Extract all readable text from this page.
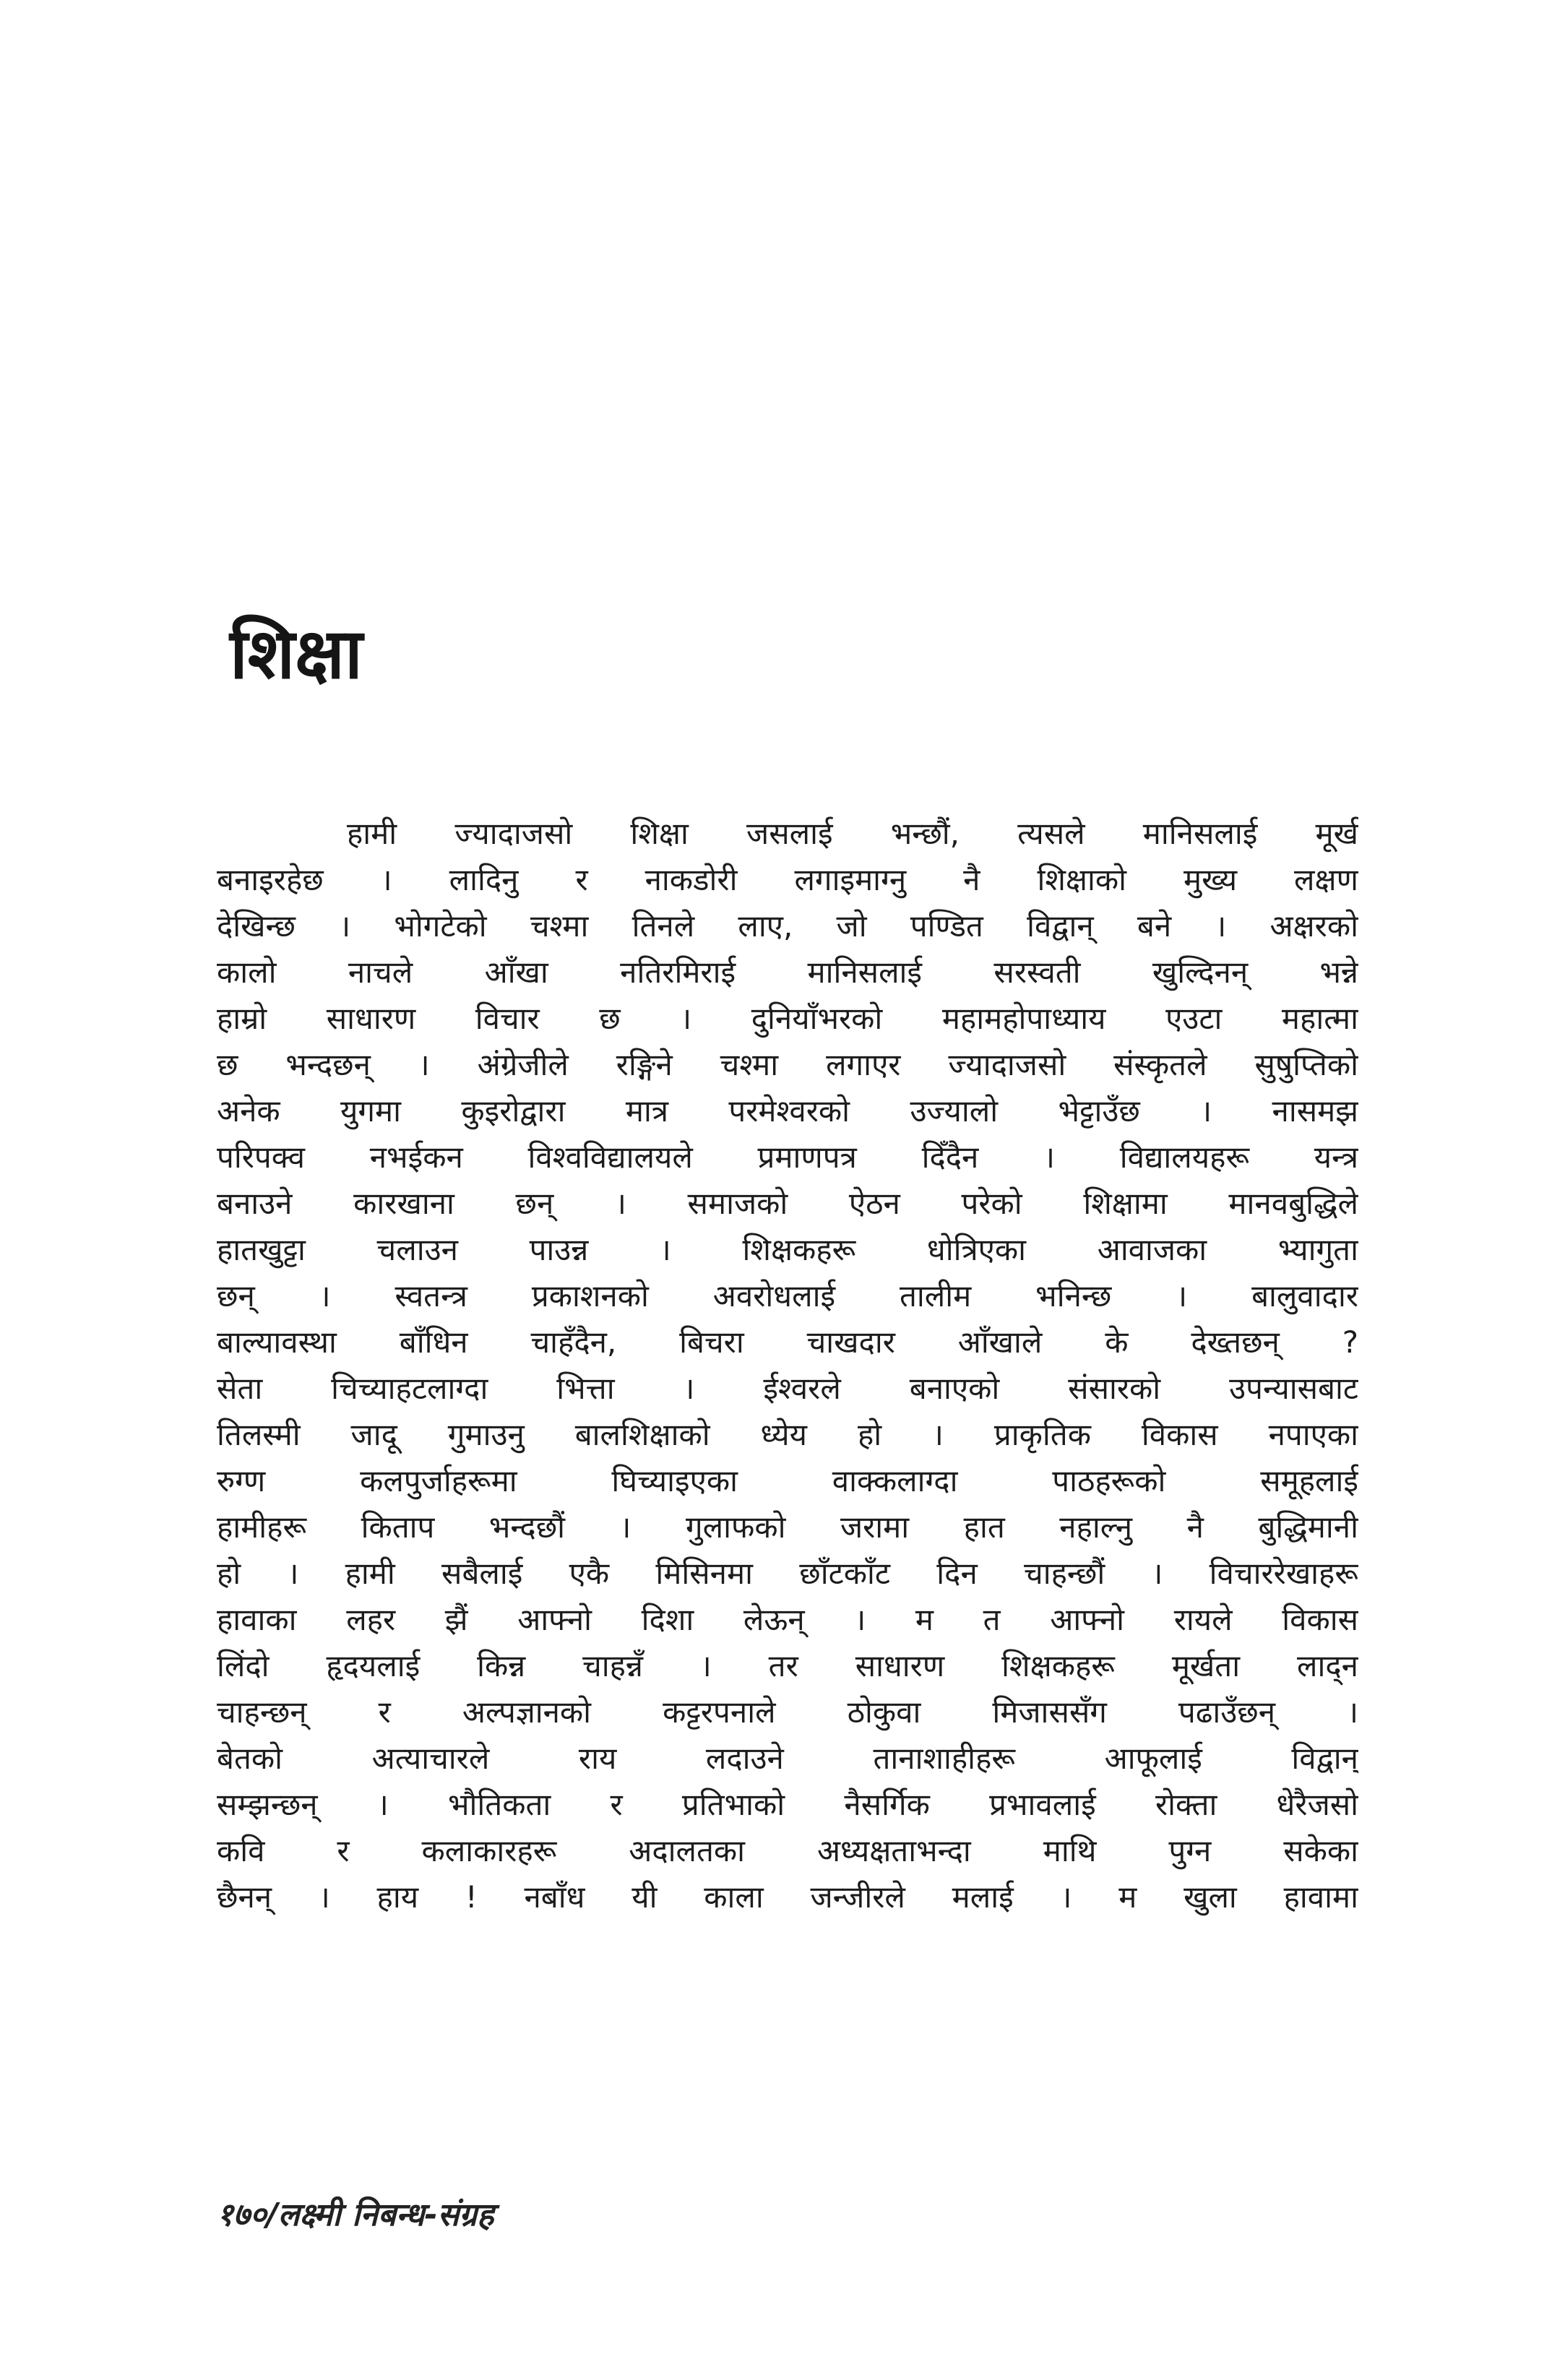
शिक्षा
हामी ज्यादाजसो शिक्षा जसलाई भन्छौं, त्यसले मानिसलाई मूर्ख
बनाइरहेछ । लादिनु र नाकडोरी लगाइमाग्नु नै शिक्षाको मुख्य लक्षण
देखिन्छ । भोगटेको चश्मा तिनले लाए, जो पण्डित विद्वान् बने । अक्षरको
कालो नाचले आँखा नतिरमिराई मानिसलाई सरस्वती खुल्दिनन् भन्ने
हाम्रो साधारण विचार छ । दुनियाँभरको महामहोपाध्याय एउटा महात्मा
छ भन्दछन् । अंग्रेजीले रङ्गिने चश्मा लगाएर ज्यादाजसो संस्कृतले सुषुप्तिको
अनेक युगमा कुइरोद्वारा मात्र परमेश्वरको उज्यालो भेट्टाउँछ । नासमझ
परिपक्व नभईकन विश्वविद्यालयले प्रमाणपत्र दिँदैन । विद्यालयहरू यन्त्र
बनाउने कारखाना छन् । समाजको ऐठन परेको शिक्षामा मानवबुद्धिले
हातखुट्टा चलाउन पाउन्न । शिक्षकहरू धोत्रिएका आवाजका भ्यागुता
छन् । स्वतन्त्र प्रकाशनको अवरोधलाई तालीम भनिन्छ । बालुवादार
बाल्यावस्था बाँधिन चाहँदैन, बिचरा चाखदार आँखाले के देख्तछन् ?
सेता चिच्याहटलाग्दा भित्ता । ईश्वरले बनाएको संसारको उपन्यासबाट
तिलस्मी जादू गुमाउनु बालशिक्षाको ध्येय हो । प्राकृतिक विकास नपाएका
रुग्ण कलपुर्जाहरूमा घिच्याइएका वाक्कलाग्दा पाठहरूको समूहलाई
हामीहरू किताप भन्दछौं । गुलाफको जरामा हात नहाल्नु नै बुद्धिमानी
हो । हामी सबैलाई एकै मिसिनमा छाँटकाँट दिन चाहन्छौं । विचाररेखाहरू
हावाका लहर झैं आफ्नो दिशा लेऊन् । म त आफ्नो रायले विकास
लिंदो हृदयलाई किन्न चाहन्नँ । तर साधारण शिक्षकहरू मूर्खता लाद्न
चाहन्छन् र अल्पज्ञानको कट्टरपनाले ठोकुवा मिजाससँग पढाउँछन् ।
बेतको अत्याचारले राय लदाउने तानाशाहीहरू आफूलाई विद्वान्
सम्झन्छन् । भौतिकता र प्रतिभाको नैसर्गिक प्रभावलाई रोक्ता धेरैजसो
कवि र कलाकारहरू अदालतका अध्यक्षताभन्दा माथि पुग्न सकेका
छैनन् । हाय ! नबाँध यी काला जन्जीरले मलाई । म खुला हावामा
१७०/लक्ष्मी निबन्ध-संग्रह
